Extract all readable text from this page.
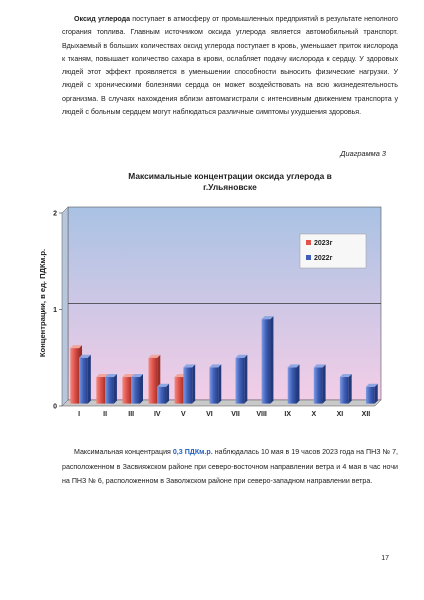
Оксид углерода поступает в атмосферу от промышленных предприятий в результате неполного сгорания топлива. Главным источником оксида углерода является автомобильный транспорт. Вдыхаемый в больших количествах оксид углерода поступает в кровь, уменьшает приток кислорода к тканям, повышает количество сахара в крови, ослабляет подачу кислорода к сердцу. У здоровых людей этот эффект проявляется в уменьшении способности выносить физические нагрузки. У людей с хроническими болезнями сердца он может воздействовать на всю жизнедеятельность организма. В случаях нахождения вблизи автомагистрали с интенсивным движением транспорта у людей с больным сердцем могут наблюдаться различные симптомы ухудшения здоровья.
Диаграмма 3
Максимальные концентрации оксида углерода в
г.Ульяновске
0
1
2
I	II	III	IV	V	VI	VII VIII	IX	X	XI	XII
2023г
2022г
Концентрации, в ед. ПДКм.р.
Максимальная концентрация 0,3 ПДКм.р. наблюдалась 10 мая в 19 часов 2023 года на ПНЗ № 7, расположенном в Засвияжском районе при северо-восточном направлении ветра и 4 мая в час ночи на ПНЗ № 6, расположенном в Заволжском районе при северо-западном направлении ветра.
17
